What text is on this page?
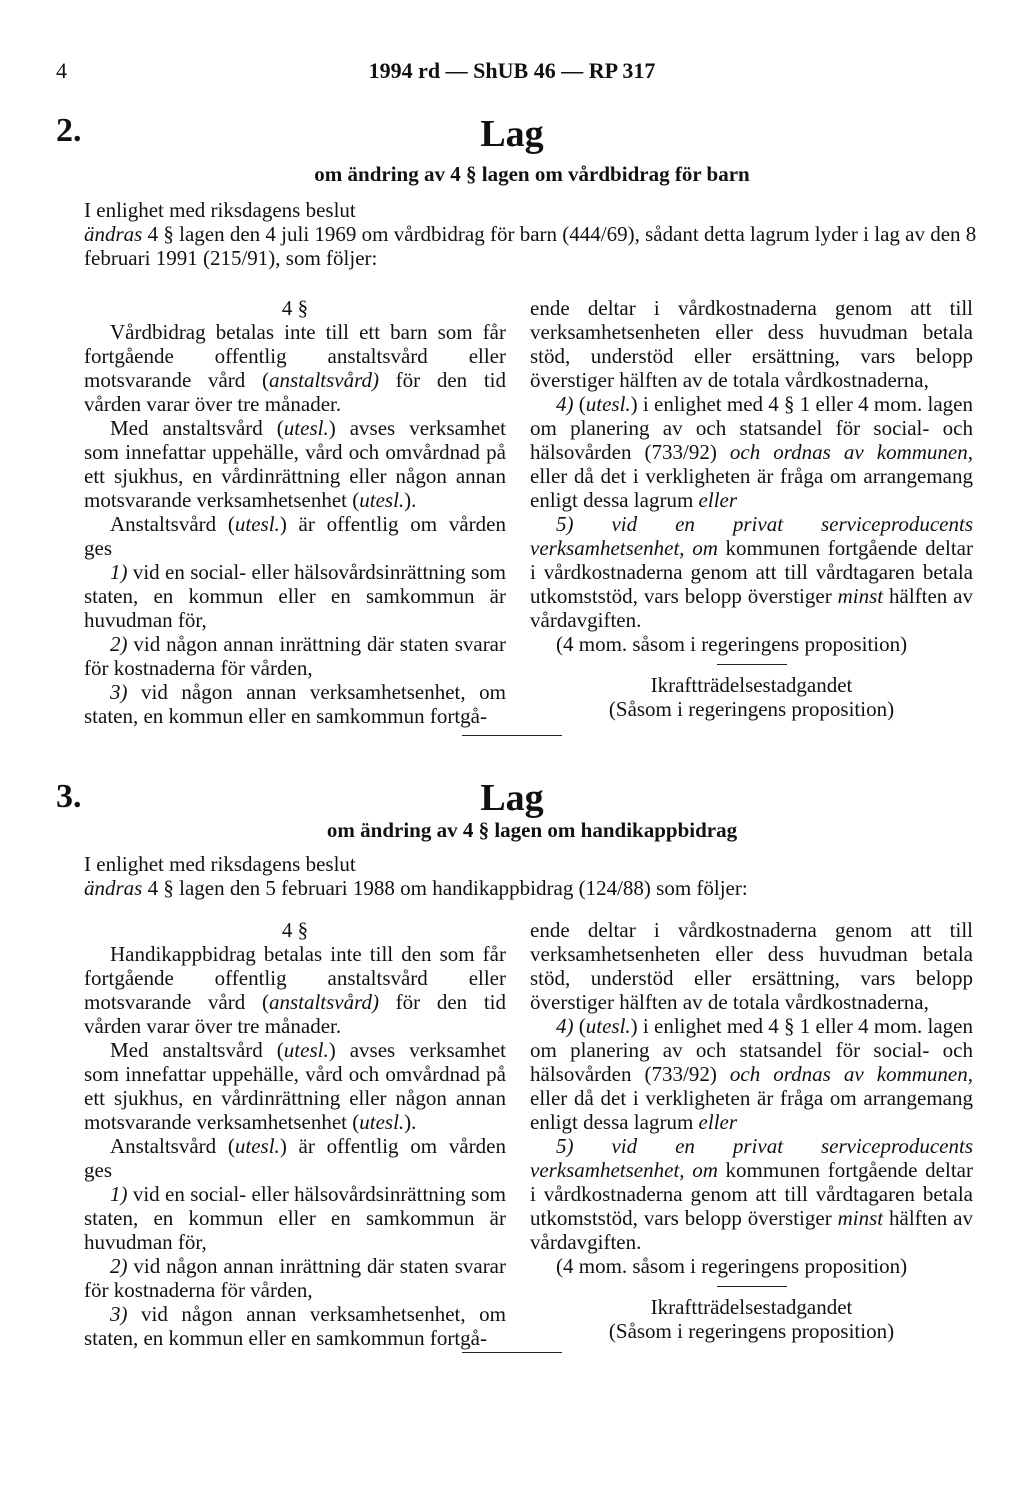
4	1994 rd — ShUB 46 — RP 317
2.	Lag
om ändring av 4 § lagen om vårdbidrag för barn

I enlighet med riksdagens beslut

ändras 4 § lagen den 4 juli 1969 om vårdbidrag för barn (444/69), sådant detta lagrum lyder i lag av den 8 februari 1991 (215/91), som följer:

4 §

Vårdbidrag betalas inte till ett barn som får fortgående offentlig anstaltsvård eller motsvarande vård (anstaltsvård) för den tid vården varar över tre månader.

Med anstaltsvård (utesl.) avses verksamhet som innefattar uppehälle, vård och omvårdnad på ett sjukhus, en vårdinrättning eller någon annan motsvarande verksamhetsenhet (utesl.).

Anstaltsvård (utesl.) är offentlig om vården ges

1) vid en social- eller hälsovårdsinrättning som staten, en kommun eller en samkommun är huvudman för,

2) vid någon annan inrättning där staten svarar för kostnaderna för vården,

3) vid någon annan verksamhetsenhet, om staten, en kommun eller en samkommun fortgå-

ende deltar i vårdkostnaderna genom att till verksamhetsenheten eller dess huvudman betala stöd, understöd eller ersättning, vars belopp överstiger hälften av de totala vårdkostnaderna,

4) (utesl.) i enlighet med 4 § 1 eller 4 mom. lagen om planering av och statsandel för social- och hälsovården (733/92) och ordnas av kommunen, eller då det i verkligheten är fråga om arrangemang enligt dessa lagrum eller

5) vid en privat serviceproducents verksamhetsenhet, om kommunen fortgående deltar i vårdkostnaderna genom att till vårdtagaren betala utkomststöd, vars belopp överstiger minst hälften av vårdavgiften.

(4 mom. såsom i regeringens proposition)

Ikraftträdelsestadgandet

(Såsom i regeringens proposition)

3.	Lag
om ändring av 4 § lagen om handikappbidrag

I enlighet med riksdagens beslut

ändras 4 § lagen den 5 februari 1988 om handikappbidrag (124/88) som följer:

4 §

Handikappbidrag betalas inte till den som får fortgående offentlig anstaltsvård eller motsvarande vård (anstaltsvård) för den tid vården varar över tre månader.

Med anstaltsvård (utesl.) avses verksamhet som innefattar uppehälle, vård och omvårdnad på ett sjukhus, en vårdinrättning eller någon annan motsvarande verksamhetsenhet (utesl.).

Anstaltsvård (utesl.) är offentlig om vården ges

1) vid en social- eller hälsovårdsinrättning som staten, en kommun eller en samkommun är huvudman för,

2) vid någon annan inrättning där staten svarar för kostnaderna för vården,

3) vid någon annan verksamhetsenhet, om staten, en kommun eller en samkommun fortgå-

ende deltar i vårdkostnaderna genom att till verksamhetsenheten eller dess huvudman betala stöd, understöd eller ersättning, vars belopp överstiger hälften av de totala vårdkostnaderna,

4) (utesl.) i enlighet med 4 § 1 eller 4 mom. lagen om planering av och statsandel för social- och hälsovården (733/92) och ordnas av kommunen, eller då det i verkligheten är fråga om arrangemang enligt dessa lagrum eller

5) vid en privat serviceproducents verksamhetsenhet, om kommunen fortgående deltar i vårdkostnaderna genom att till vårdtagaren betala utkomststöd, vars belopp överstiger minst hälften av vårdavgiften.

(4 mom. såsom i regeringens proposition)

Ikraftträdelsestadgandet

(Såsom i regeringens proposition)
